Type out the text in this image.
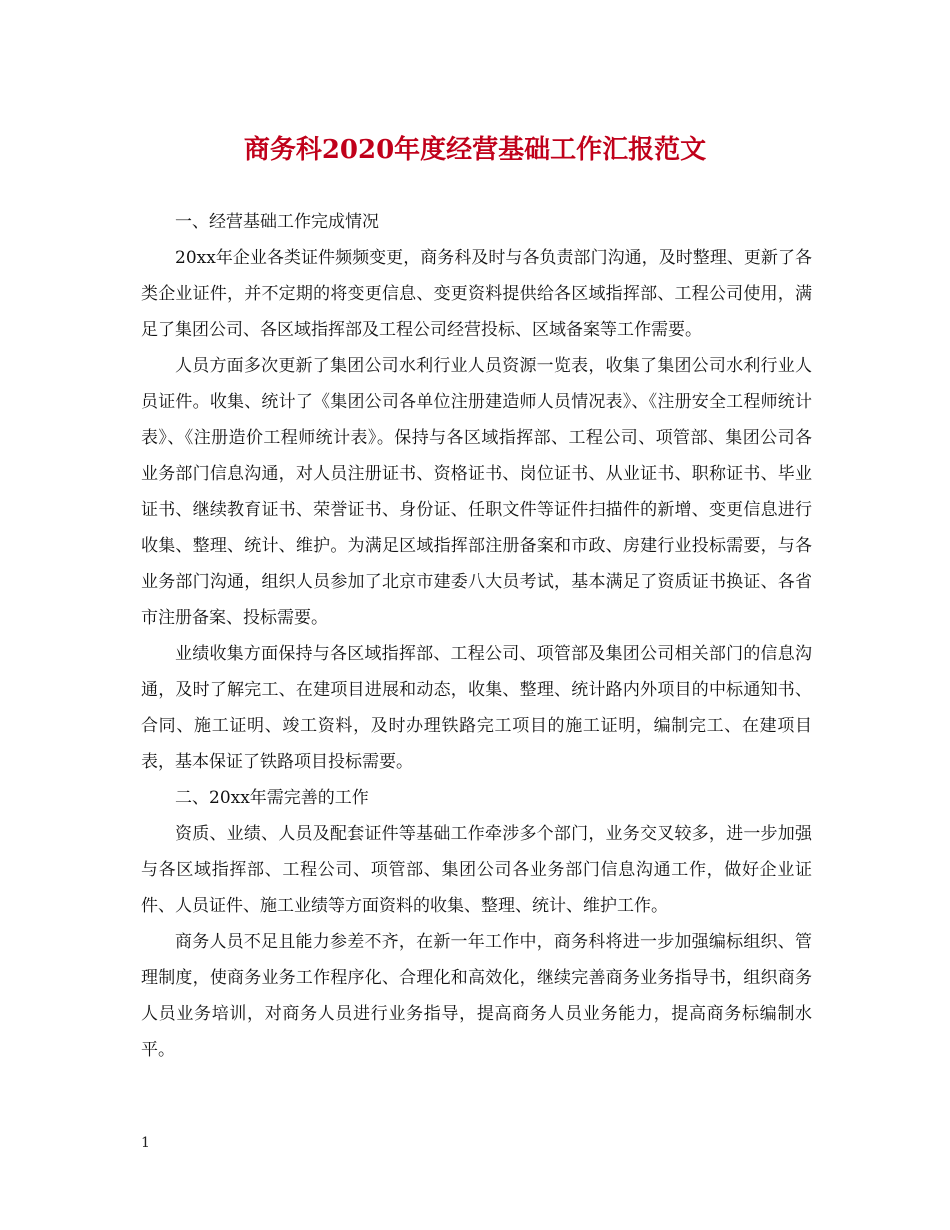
商务科2020年度经营基础工作汇报范文

一、经营基础工作完成情况

20xx年企业各类证件频频变更，商务科及时与各负责部门沟通，及时整理、更新了各类企业证件，并不定期的将变更信息、变更资料提供给各区域指挥部、工程公司使用，满足了集团公司、各区域指挥部及工程公司经营投标、区域备案等工作需要。

人员方面多次更新了集团公司水利行业人员资源一览表，收集了集团公司水利行业人员证件。收集、统计了《集团公司各单位注册建造师人员情况表》、《注册安全工程师统计表》、《注册造价工程师统计表》。保持与各区域指挥部、工程公司、项管部、集团公司各业务部门信息沟通，对人员注册证书、资格证书、岗位证书、从业证书、职称证书、毕业证书、继续教育证书、荣誉证书、身份证、任职文件等证件扫描件的新增、变更信息进行收集、整理、统计、维护。为满足区域指挥部注册备案和市政、房建行业投标需要，与各业务部门沟通，组织人员参加了北京市建委八大员考试，基本满足了资质证书换证、各省市注册备案、投标需要。

业绩收集方面保持与各区域指挥部、工程公司、项管部及集团公司相关部门的信息沟通，及时了解完工、在建项目进展和动态，收集、整理、统计路内外项目的中标通知书、合同、施工证明、竣工资料，及时办理铁路完工项目的施工证明，编制完工、在建项目表，基本保证了铁路项目投标需要。

二、20xx年需完善的工作

资质、业绩、人员及配套证件等基础工作牵涉多个部门，业务交叉较多，进一步加强与各区域指挥部、工程公司、项管部、集团公司各业务部门信息沟通工作，做好企业证件、人员证件、施工业绩等方面资料的收集、整理、统计、维护工作。

商务人员不足且能力参差不齐，在新一年工作中，商务科将进一步加强编标组织、管理制度，使商务业务工作程序化、合理化和高效化，继续完善商务业务指导书，组织商务人员业务培训，对商务人员进行业务指导，提高商务人员业务能力，提高商务标编制水平。

1
